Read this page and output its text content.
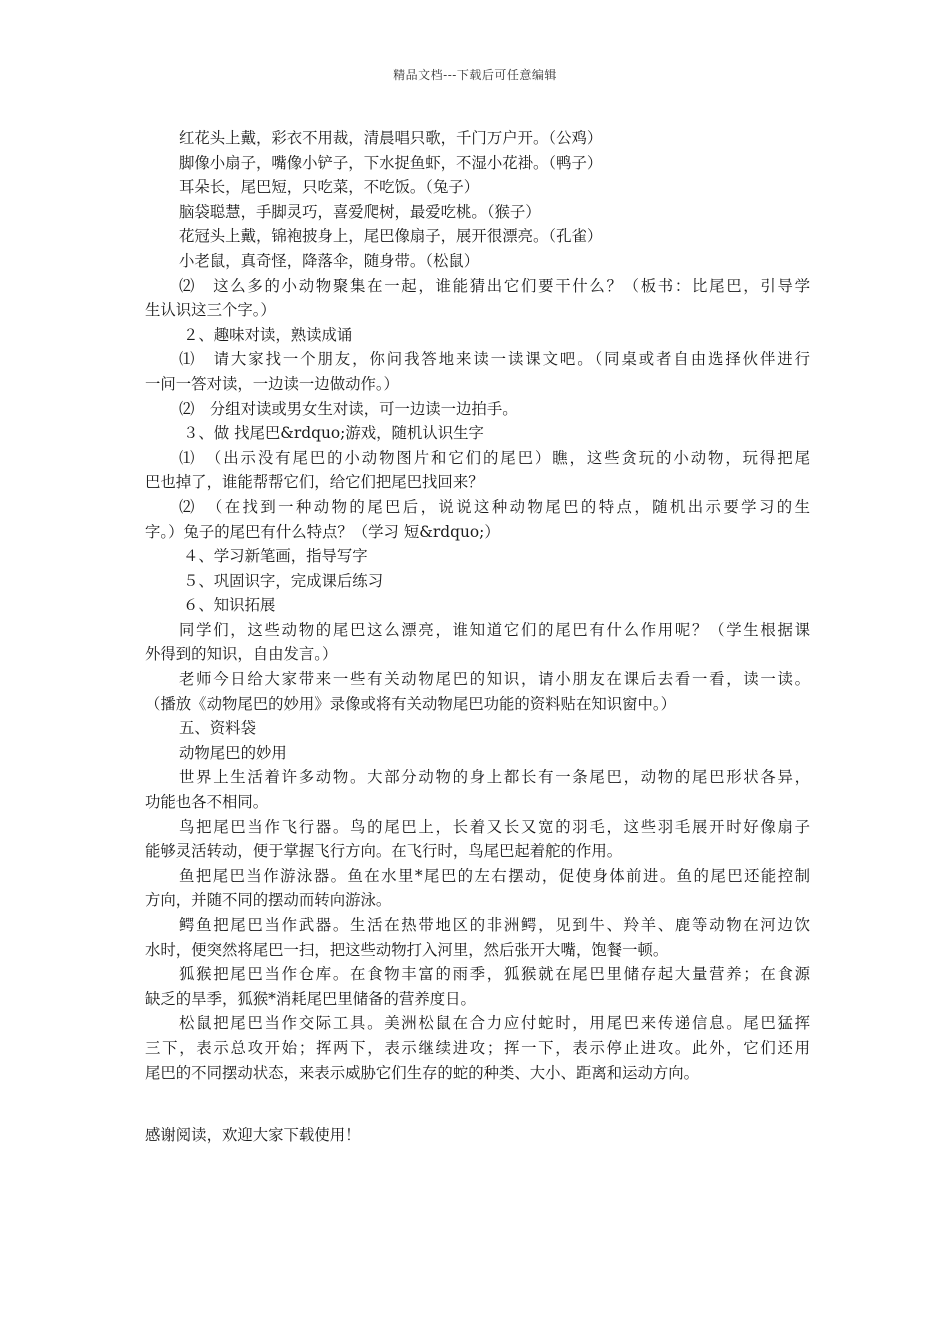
精品文档---下载后可任意编辑
红花头上戴，彩衣不用裁，清晨唱只歌，千门万户开。（公鸡）
脚像小扇子，嘴像小铲子，下水捉鱼虾，不湿小花褂。（鸭子）
耳朵长，尾巴短，只吃菜，不吃饭。（兔子）
脑袋聪慧，手脚灵巧，喜爱爬树，最爱吃桃。（猴子）
花冠头上戴，锦袍披身上，尾巴像扇子，展开很漂亮。（孔雀）
小老鼠，真奇怪，降落伞，随身带。（松鼠）
⑵　这么多的小动物聚集在一起，谁能猜出它们要干什么？（板书：比尾巴，引导学
生认识这三个字。）
２、趣味对读，熟读成诵
⑴　请大家找一个朋友，你问我答地来读一读课文吧。（同桌或者自由选择伙伴进行
一问一答对读，一边读一边做动作。）
⑵　分组对读或男女生对读，可一边读一边拍手。
３、做 找尾巴&rdquo;游戏，随机认识生字
⑴　（出示没有尾巴的小动物图片和它们的尾巴）瞧，这些贪玩的小动物，玩得把尾
巴也掉了，谁能帮帮它们，给它们把尾巴找回来？
⑵　（在找到一种动物的尾巴后，说说这种动物尾巴的特点，随机出示要学习的生
字。）兔子的尾巴有什么特点？（学习 短&rdquo;）
４、学习新笔画，指导写字
５、巩固识字，完成课后练习
６、知识拓展
同学们，这些动物的尾巴这么漂亮，谁知道它们的尾巴有什么作用呢？（学生根据课
外得到的知识，自由发言。）
老师今日给大家带来一些有关动物尾巴的知识，请小朋友在课后去看一看，读一读。
（播放《动物尾巴的妙用》录像或将有关动物尾巴功能的资料贴在知识窗中。）
五、资料袋
动物尾巴的妙用
世界上生活着许多动物。大部分动物的身上都长有一条尾巴，动物的尾巴形状各异，
功能也各不相同。
鸟把尾巴当作飞行器。鸟的尾巴上，长着又长又宽的羽毛，这些羽毛展开时好像扇子
能够灵活转动，便于掌握飞行方向。在飞行时，鸟尾巴起着舵的作用。
鱼把尾巴当作游泳器。鱼在水里*尾巴的左右摆动，促使身体前进。鱼的尾巴还能控制
方向，并随不同的摆动而转向游泳。
鳄鱼把尾巴当作武器。生活在热带地区的非洲鳄，见到牛、羚羊、鹿等动物在河边饮
水时，便突然将尾巴一扫，把这些动物打入河里，然后张开大嘴，饱餐一顿。
狐猴把尾巴当作仓库。在食物丰富的雨季，狐猴就在尾巴里储存起大量营养；在食源
缺乏的旱季，狐猴*消耗尾巴里储备的营养度日。
松鼠把尾巴当作交际工具。美洲松鼠在合力应付蛇时，用尾巴来传递信息。尾巴猛挥
三下，表示总攻开始；挥两下，表示继续进攻；挥一下，表示停止进攻。此外，它们还用
尾巴的不同摆动状态，来表示威胁它们生存的蛇的种类、大小、距离和运动方向。
感谢阅读，欢迎大家下载使用！
